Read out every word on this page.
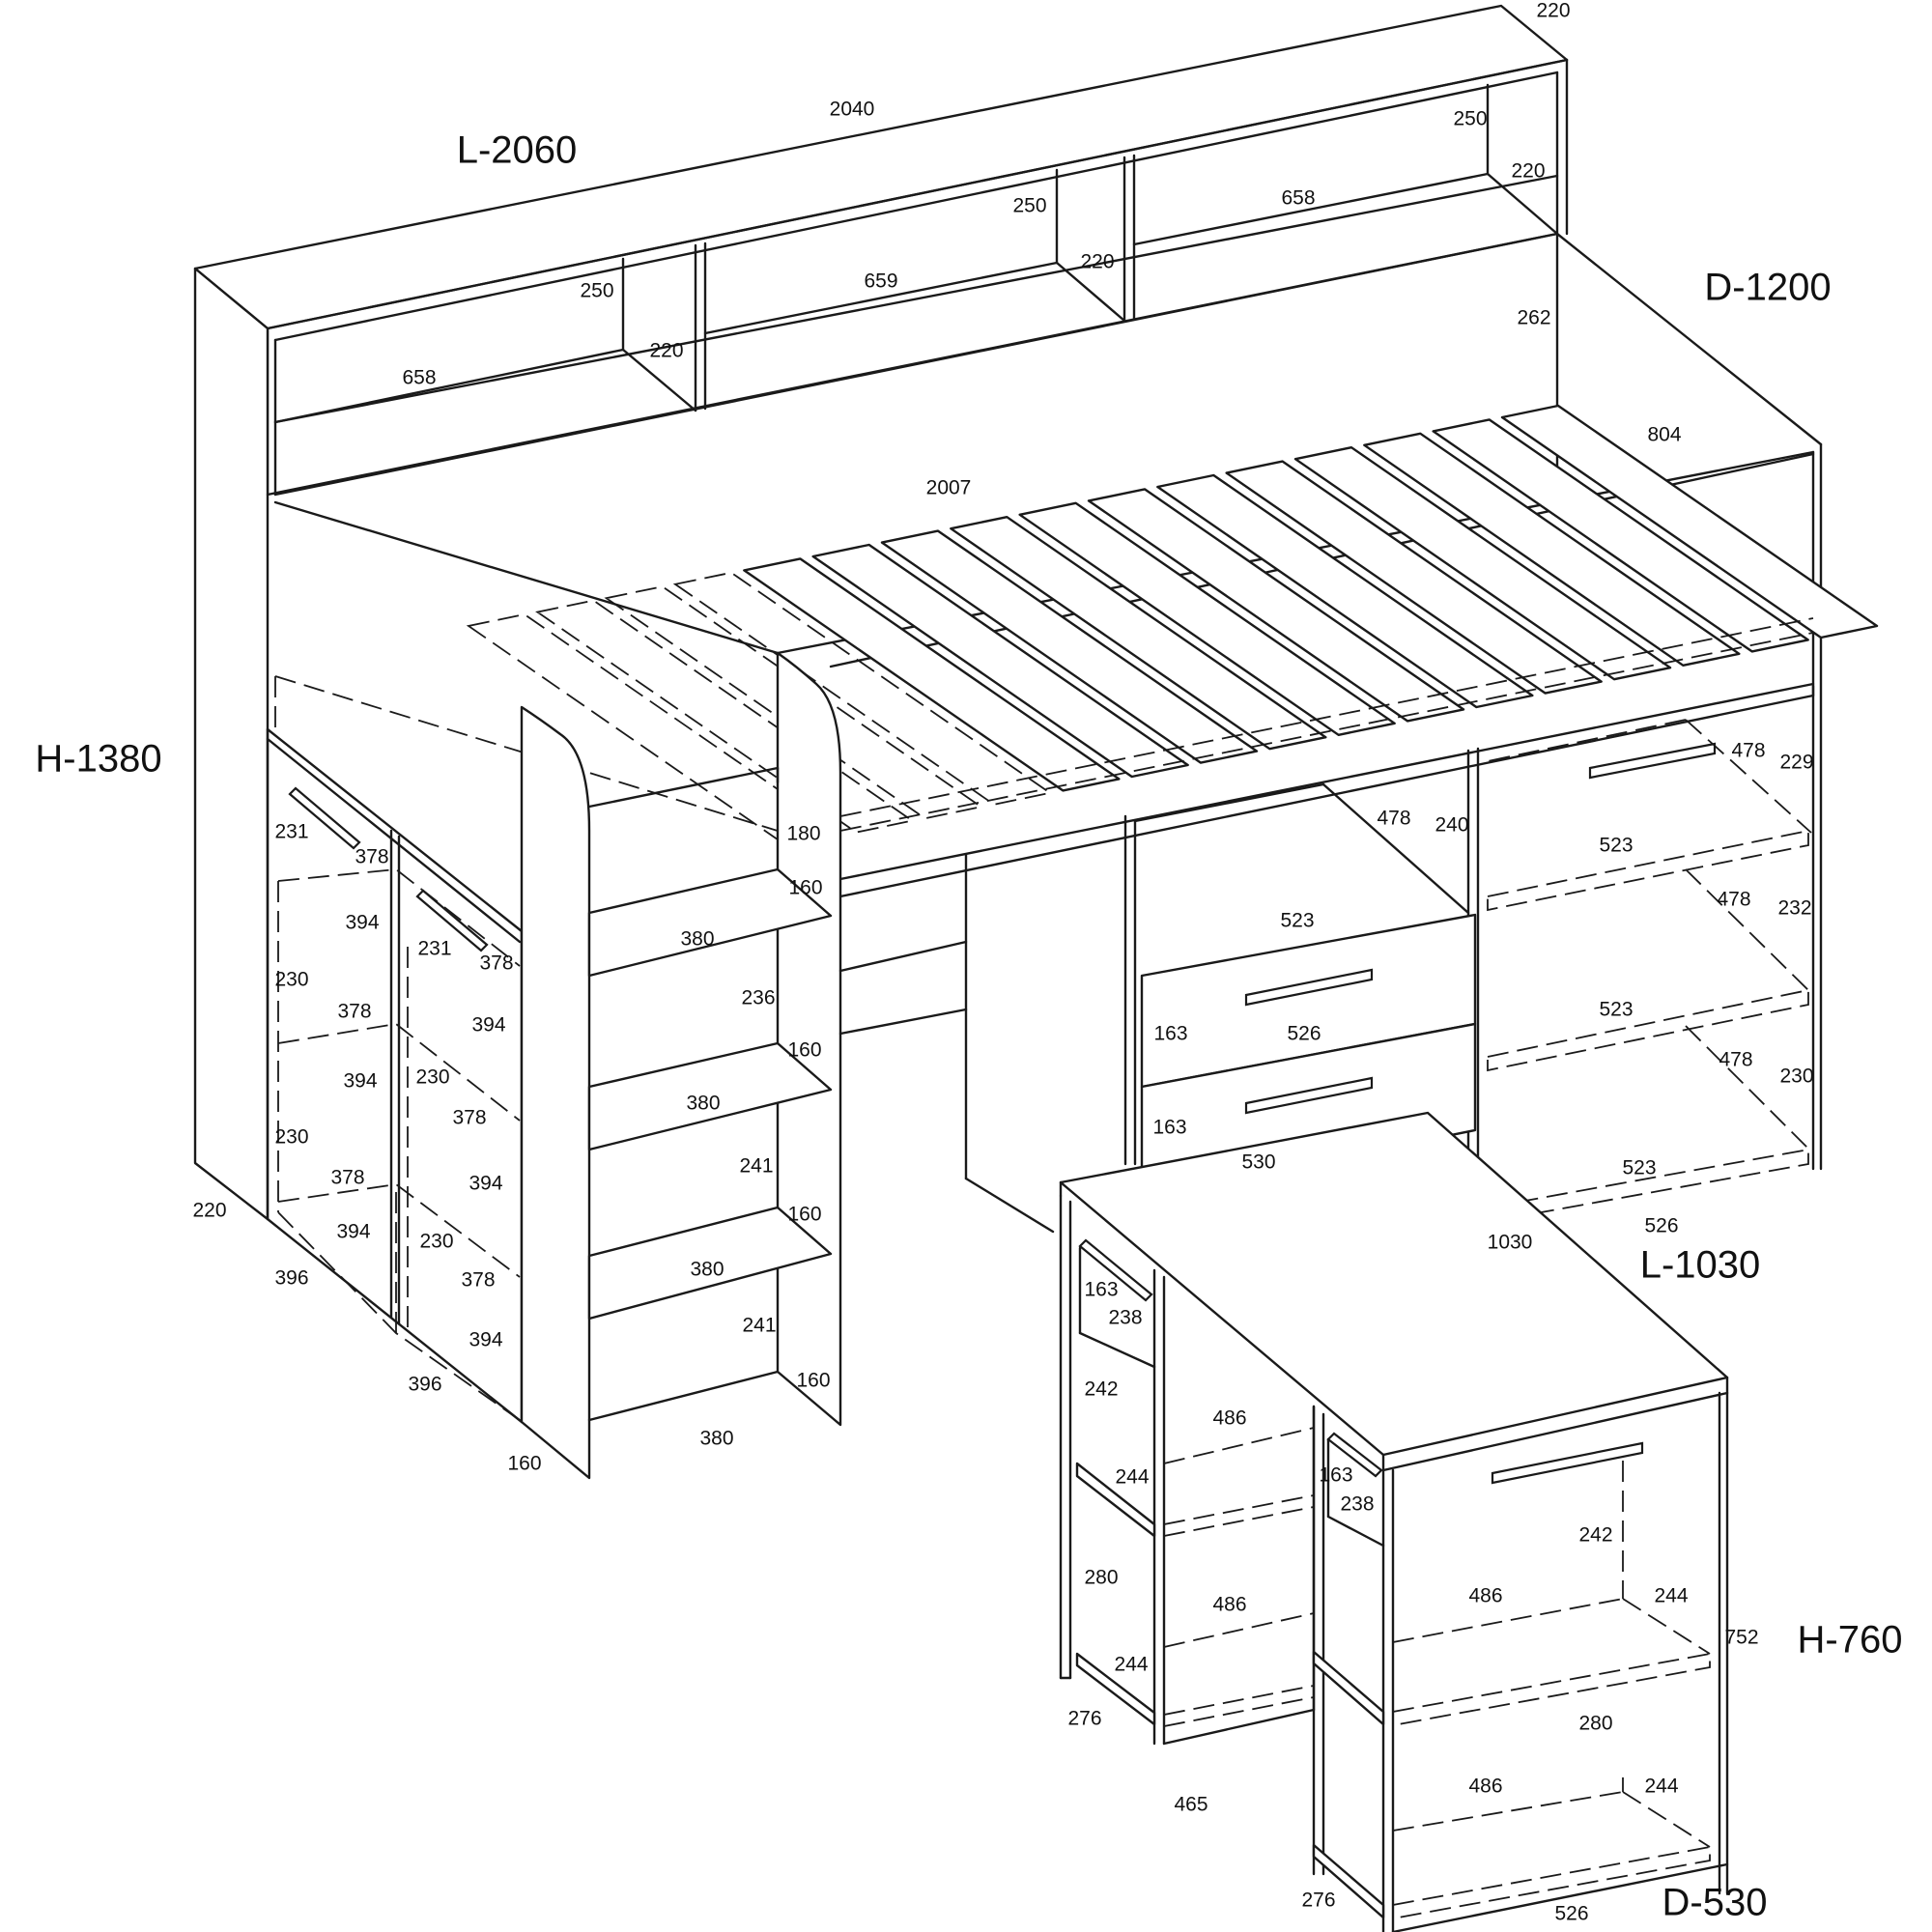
L-2060
D-1200
H-1380
L-1030
H-760
D-530
220
2040	250
220
658
250
220
659
250
220
658
262
804
2007
231
378
394
231
378
230
378
394
394 230
378
230
378	394
394 230
378
394
220
396
396
180
160
380
236
160
380
241
160
380
241
160
160
380
478 240
523
163	526
163
530
478
229
523
478 232
523
478
230
523
526
1030
163
238
242
486
244
280
486
244
276
163
238
242
486	244
752
280
486	244
465
276
526
